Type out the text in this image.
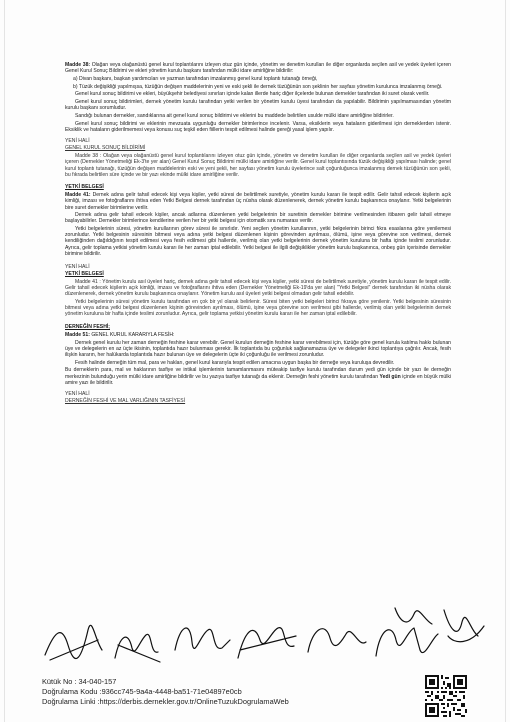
Madde 38: Olağan veya olağanüstü genel kurul toplantılarını izleyen otuz gün içinde, yönetim ve denetim kurulları ile diğer organlarda seçilen asil ve yedek üyeleri içeren Genel Kurul Sonuç Bildirimi ve ekleri yönetim kurulu başkanı tarafından mülki idare amirliğine bildirilir:

a) Divan başkanı, başkan yardımcıları ve yazman tarafından imzalanmış genel kurul toplantı tutanağı örneği,

b) Tüzük değişikliği yapılmışsa, tüzüğün değişen maddelerinin yeni ve eski şekli ile dernek tüzüğünün son şeklinin her sayfası yönetim kurulunca imzalanmış örneği.

Genel kurul sonuç bildirimi ve ekleri, büyükşehir belediyesi sınırları içinde kalan illerde hariç diğer ilçelerde bulunan dernekler tarafından iki suret olarak verilir.

Genel kurul sonuç bildirimleri, dernek yönetim kurulu tarafından yetki verilen bir yönetim kurulu üyesi tarafından da yapılabilir. Bildirimin yapılmamasından yönetim kurulu başkanı sorumludur.

Sandığı bulunan dernekler, sandıklarına ait genel kurul sonuç bildirimi ve eklerini bu maddede belirtilen usulde mülki idare amirliğine bildirirler.

Genel kurul sonuç bildirimi ve eklerinin mevzuata uygunluğu dernekler birimlerince incelenir. Varsa, eksiklerin veya hataların giderilmesi için derneklerden istenir. Eksiklik ve hataların giderilmemesi veya konusu suç teşkil eden fiillerin tespit edilmesi halinde gereği yasal işlem yapılır.

YENİ HALİ

GENEL KURUL SONUÇ BİLDİRİMİ

Madde 38 : Olağan veya olağanüstü genel kurul toplantılarını izleyen otuz gün içinde, yönetim ve denetim kurulları ile diğer organlarda seçilen asil ve yedek üyeleri içeren (Dernekler Yönetmeliği Ek-3'te yer alan) Genel Kurul Sonuç Bildirimi mülki idare amirliğine verilir. Genel kurul toplantısında tüzük değişikliği yapılması halinde; genel kurul toplantı tutanağı, tüzüğün değişen maddelerinin eski ve yeni şekli, her sayfası yönetim kurulu üyelerince salt çoğunluğunca imzalanmış dernek tüzüğünün son şekli, bu fıkrada belirtilen süre içinde ve bir yazı ekinde mülki idare amirliğine verilir.

YETKİ BELGESİ

Madde 41: Dernek adına gelir tahsil edecek kişi veya kişiler, yetki süresi de belirtilmek suretiyle, yönetim kurulu kararı ile tespit edilir. Gelir tahsil edecek kişilerin açık kimliği, imzası ve fotoğraflarını ihtiva eden Yetki Belgesi dernek tarafından üç nüsha olarak düzenlenerek, dernek yönetim kurulu başkanınca onaylanır. Yetki belgelerinin bire suret dernekler birimlerine verilir.

Dernek adına gelir tahsil edecek kişiler, ancak adlarına düzenlenen yetki belgelerinin bir suretinin dernekler birimine verilmesinden itibaren gelir tahsil etmeye başlayabilirler. Dernekler birimlerince kendilerine verilen her bir yetki belgesi için otomatik sıra numarası verilir.

Yetki belgelerinin süresi, yönetim kurullarının görev süresi ile sınırlıdır. Yeni seçilen yönetim kurullarının, yetki belgelerinin birinci fıkra esaslarına göre yenilemesi zorunludur. Yetki belgesinin süresinin bitmesi veya adına yetki belgesi düzenlenen kişinin görevinden ayrılması, ölümü, işine veya görevine son verilmesi, dernek kendiliğinden dağıldığının tespit edilmesi veya fesih edilmesi gibi hallerde, verilmiş olan yetki belgelerinin dernek yönetim kuruluna bir hafta içinde teslimi zorunludur. Ayrıca, gelir toplama yetkisi yönetim kurulu kararı ile her zaman iptal edilebilir. Yetki belgesi ile ilgili değişiklikler yönetim kurulu başkanınca, onbeş gün içerisinde dernekler birimine bildirilir.

YENİ HALİ

YETKİ BELGESİ

Madde 41 : Yönetim kurulu asıl üyeleri hariç, dernek adına gelir tahsil edecek kişi veya kişiler, yetki süresi de belirtilmek suretiyle, yönetim kurulu kararı ile tespit edilir. Gelir tahsil edecek kişilerin açık kimliği, imzası ve fotoğraflarını ihtiva eden (Dernekler Yönetmeliği Ek-19'da yer alan) "Yetki Belgesi" dernek tarafından iki nüsha olarak düzenlenerek, dernek yönetim kurulu başkanınca onaylanır. Yönetim kurulu asıl üyeleri yetki belgesi olmadan gelir tahsil edebilir.

Yetki belgelerinin süresi yönetim kurulu tarafından en çok bir yıl olarak belirlenir. Süresi biten yetki belgeleri birinci fıkraya göre yenilenir. Yetki belgesinin süresinin bitmesi veya adına yetki belgesi düzenlenen kişinin görevinden ayrılması, ölümü, işine veya görevine son verilmesi gibi hallerde, verilmiş olan yetki belgelerinin dernek yönetim kuruluna bir hafta içinde teslimi zorunludur. Ayrıca, gelir toplama yetkisi yönetim kurulu kararı ile her zaman iptal edilebilir.

DERNEĞİN FESHİ;

Madde 51: GENEL KURUL KARARIYLA FESİH:

Dernek genel kurulu her zaman derneğin feshine karar verebilir. Genel kurulun derneğin feshine karar verebilmesi için, tüzüğe göre genel kurula katılma hakkı bulunan üye ve delegelerin en az üçte ikisinin, toplantıda hazır bulunması gerekir. İlk toplantıda bu çoğunluk sağlanamazsa üye ve delegeler ikinci toplantıya çağrılır. Ancak, fesih ilişkin kararın, her halükarda toplantıda hazır bulunan üye ve delegelerin üçte iki çoğunluğu ile verilmesi zorunludur.

Fesih halinde derneğin tüm mal, para ve hakları, genel kurul kararıyla tespit edilen amacına uygun başka bir derneğe veya kuruluşa devredilir.

Bu derneklerin para, mal ve haklarının tasfiye ve intikal işlemlerinin tamamlanmasını müteakip tasfiye kurulu tarafından durum yedi gün içinde bir yazı ile derneğin merkezinin bulunduğu yerin mülki idare amirliğine bildirilir ve bu yazıya tasfiye tutanağı da eklenir. Derneğin feshi yönetim kurulu tarafından Yedi gün içinde en büyük mülki amire yazı ile bildirilir.

YENİ HALİ

DERNEĞİN FESHİ VE MAL VARLIĞININ TASFİYESİ

Kütük No : 34-040-157
Doğrulama Kodu :936cc745-9a4a-4448-ba51-71e04897e0cb
Doğrulama Linki :https://derbis.dernekler.gov.tr/OnlineTuzukDogrulamaWeb
